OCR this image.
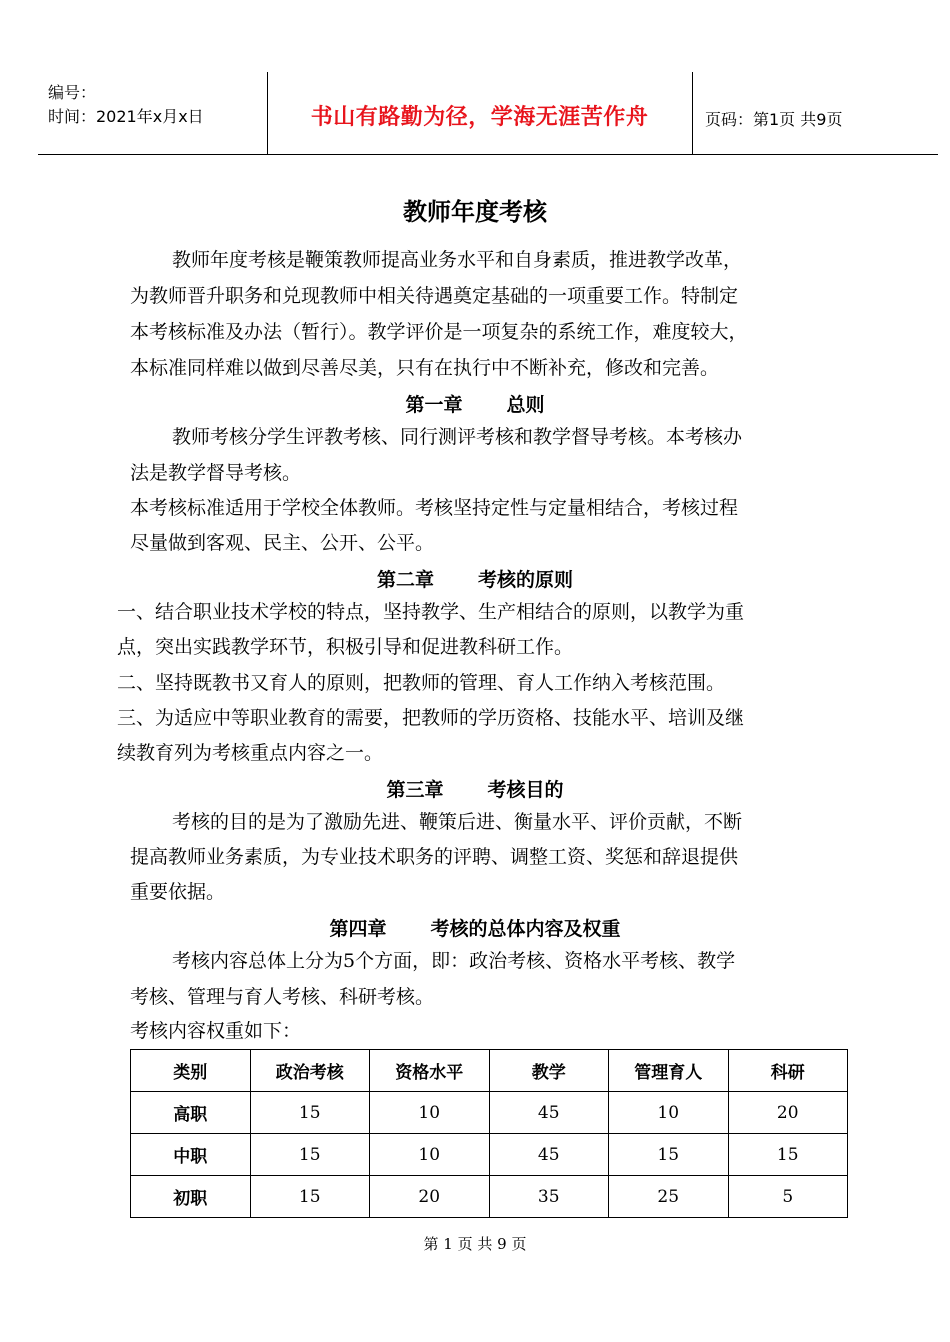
编号：
时间：2021年x月x日	书山有路勤为径，学海无涯苦作舟	页码：第1页 共9页
教师年度考核
教师年度考核是鞭策教师提高业务水平和自身素质，推进教学改革，
为教师晋升职务和兑现教师中相关待遇奠定基础的一项重要工作。特制定
本考核标准及办法（暂行）。教学评价是一项复杂的系统工作，难度较大，
本标准同样难以做到尽善尽美，只有在执行中不断补充，修改和完善。
第一章 总则
教师考核分学生评教考核、同行测评考核和教学督导考核。本考核办
法是教学督导考核。
本考核标准适用于学校全体教师。考核坚持定性与定量相结合，考核过程
尽量做到客观、民主、公开、公平。
第二章 考核的原则
一、结合职业技术学校的特点，坚持教学、生产相结合的原则，以教学为重
点，突出实践教学环节，积极引导和促进教科研工作。
二、坚持既教书又育人的原则，把教师的管理、育人工作纳入考核范围。
三、为适应中等职业教育的需要，把教师的学历资格、技能水平、培训及继
续教育列为考核重点内容之一。
第三章 考核目的
考核的目的是为了激励先进、鞭策后进、衡量水平、评价贡献，不断
提高教师业务素质，为专业技术职务的评聘、调整工资、奖惩和辞退提供
重要依据。
第四章 考核的总体内容及权重
考核内容总体上分为5个方面，即：政治考核、资格水平考核、教学
考核、管理与育人考核、科研考核。
考核内容权重如下：
类别	政治考核	资格水平	教学	管理育人	科研
高职	15	10	45	10	20
中职	15	10	45	15	15
初职	15	20	35	25	5
第 1 页 共 9 页
